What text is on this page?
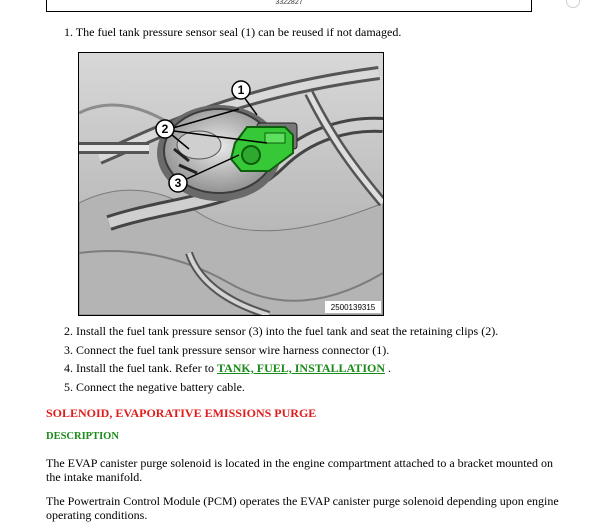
3322827
1. The fuel tank pressure sensor seal (1) can be reused if not damaged.
1
2
3
2500139315
2. Install the fuel tank pressure sensor (3) into the fuel tank and seat the retaining clips (2).
3. Connect the fuel tank pressure sensor wire harness connector (1).
4. Install the fuel tank. Refer to TANK, FUEL, INSTALLATION .
5. Connect the negative battery cable.
SOLENOID, EVAPORATIVE EMISSIONS PURGE
DESCRIPTION
The EVAP canister purge solenoid is located in the engine compartment attached to a bracket mounted on the intake manifold.
The Powertrain Control Module (PCM) operates the EVAP canister purge solenoid depending upon engine operating conditions.
